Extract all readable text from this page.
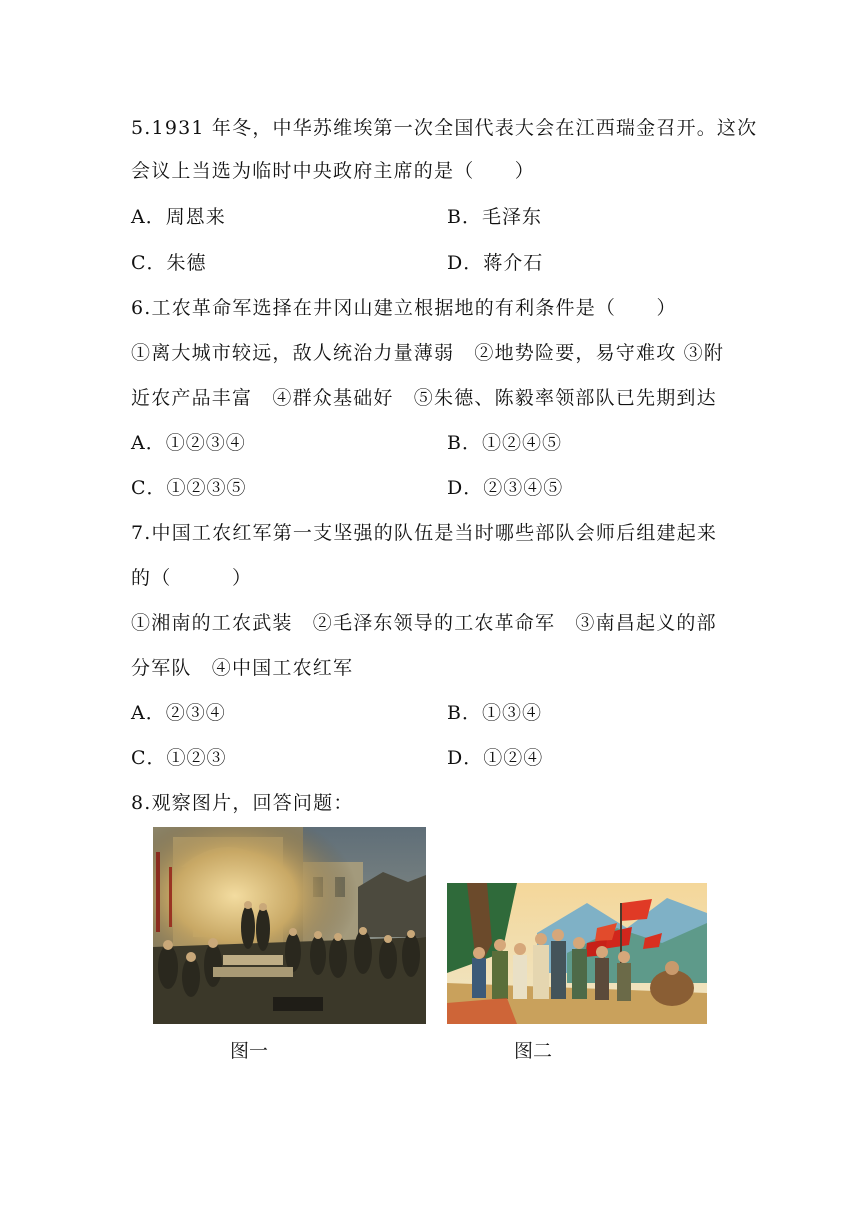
5.1931 年冬，中华苏维埃第一次全国代表大会在江西瑞金召开。这次
会议上当选为临时中央政府主席的是（　　）
A．周恩来	B．毛泽东
C．朱德	D．蒋介石
6.工农革命军选择在井冈山建立根据地的有利条件是（　　）
①离大城市较远，敌人统治力量薄弱　②地势险要，易守难攻 ③附
近农产品丰富　④群众基础好　⑤朱德、陈毅率领部队已先期到达
A．①②③④	B．①②④⑤
C．①②③⑤	D．②③④⑤
7.中国工农红军第一支坚强的队伍是当时哪些部队会师后组建起来
的（　　　）
①湘南的工农武装　②毛泽东领导的工农革命军　③南昌起义的部
分军队　④中国工农红军
A．②③④	B．①③④
C．①②③	D．①②④
8.观察图片，回答问题：
图一	图二
